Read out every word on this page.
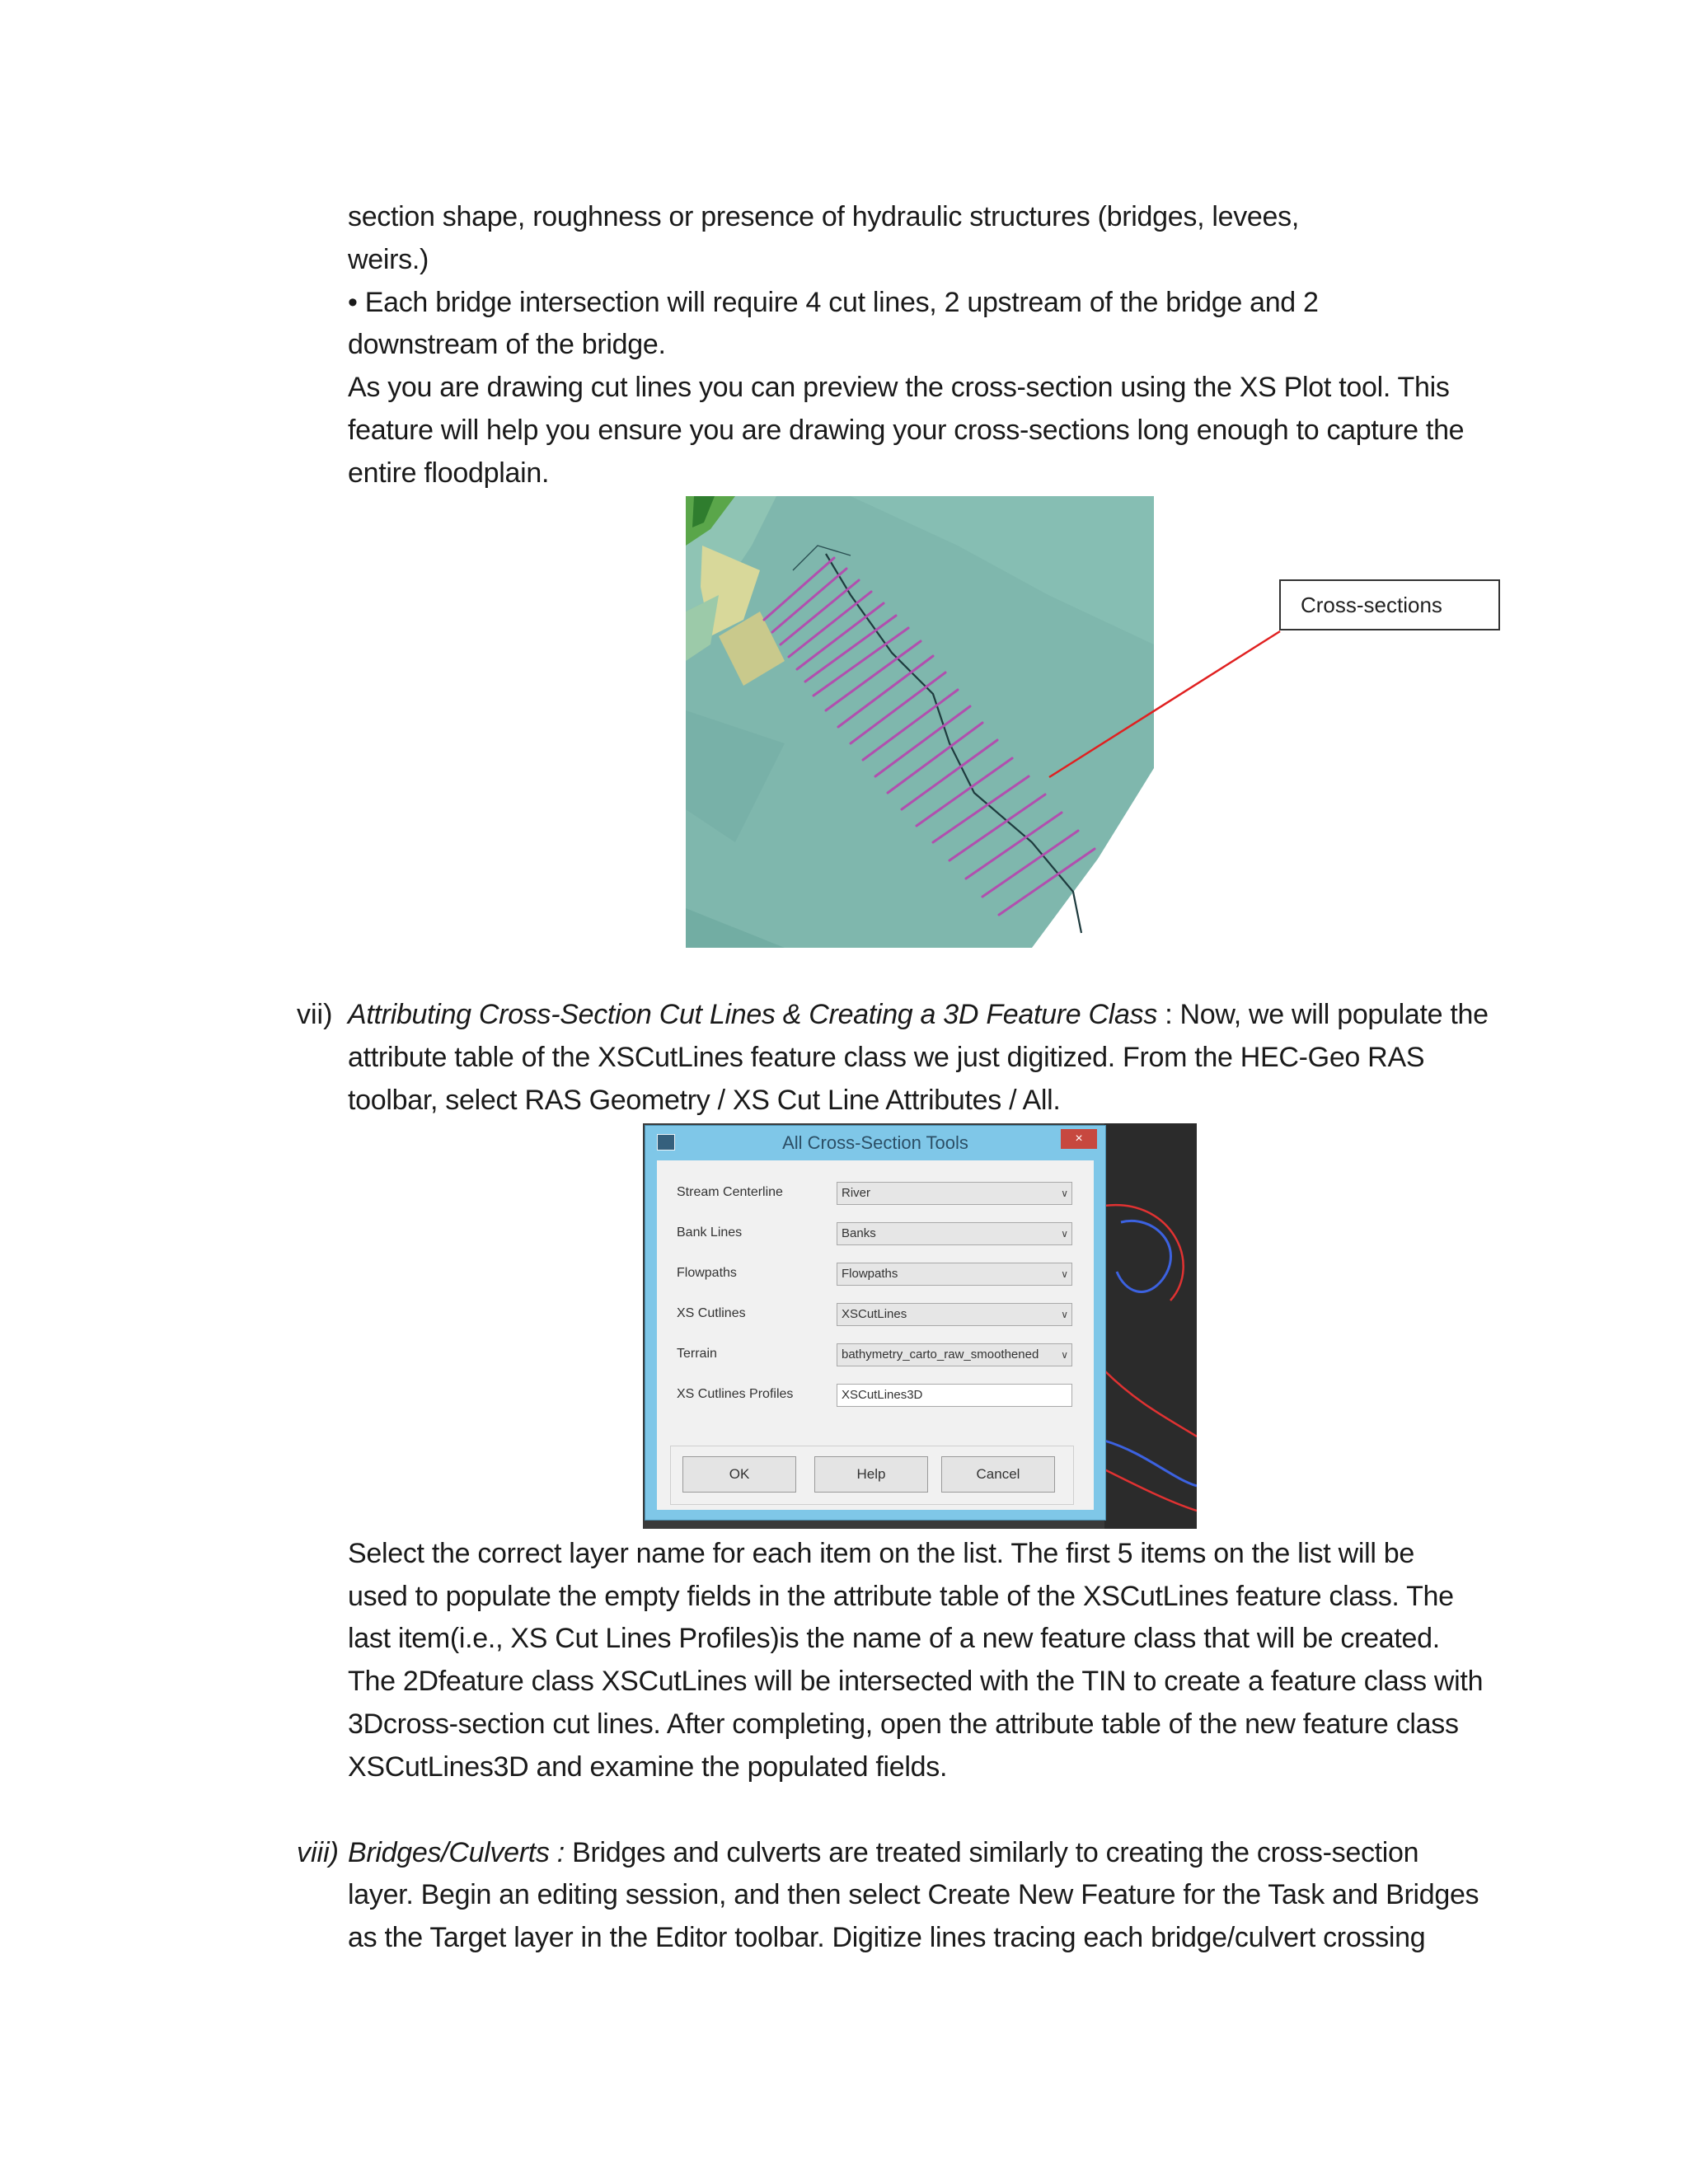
section shape, roughness or presence of hydraulic structures (bridges, levees,
weirs.)
• Each bridge intersection will require 4 cut lines, 2 upstream of the bridge and 2
downstream of the bridge.
As you are drawing cut lines you can preview the cross-section using the XS Plot tool. This
feature will help you ensure you are drawing your cross-sections long enough to capture the
entire floodplain.
Cross-sections
vii) Attributing Cross-Section Cut Lines & Creating a 3D Feature Class : Now, we will populate the
attribute table of the XSCutLines feature class we just digitized. From the HEC-Geo RAS
toolbar, select RAS Geometry / XS Cut Line Attributes / All.
All Cross-Section Tools	×
Stream Centerline	River	∨
Bank Lines	Banks	∨
Flowpaths	Flowpaths	∨
XS Cutlines	XSCutLines	∨
Terrain	bathymetry_carto_raw_smoothened ∨
XS Cutlines Profiles	XSCutLines3D
OK	Help	Cancel
Select the correct layer name for each item on the list. The first 5 items on the list will be
used to populate the empty fields in the attribute table of the XSCutLines feature class. The
last item(i.e., XS Cut Lines Profiles)is the name of a new feature class that will be created.
The 2Dfeature class XSCutLines will be intersected with the TIN to create a feature class with
3Dcross-section cut lines. After completing, open the attribute table of the new feature class
XSCutLines3D and examine the populated fields.
viii) Bridges/Culverts : Bridges and culverts are treated similarly to creating the cross-section
layer. Begin an editing session, and then select Create New Feature for the Task and Bridges
as the Target layer in the Editor toolbar. Digitize lines tracing each bridge/culvert crossing
